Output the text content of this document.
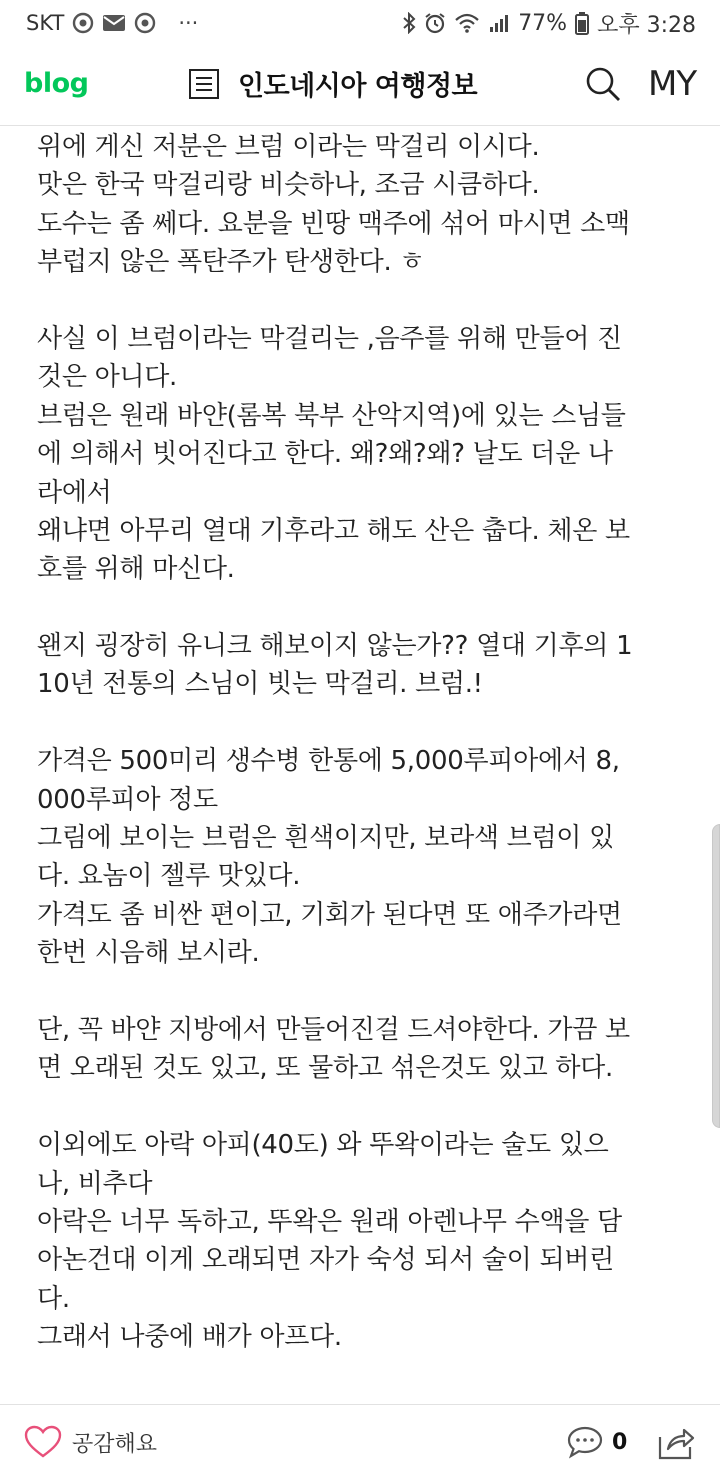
SKT	···	77% 오후 3:28
blog	인도네시아 여행정보	MY

위에 게신 저분은 브럼 이라는 막걸리 이시다.

맛은 한국 막걸리랑 비슷하나, 조금 시큼하다.

도수는 좀 쎄다. 요분을 빈땅 맥주에 섞어 마시면 소맥

부럽지 않은 폭탄주가 탄생한다. ㅎ

사실 이 브럼이라는 막걸리는 ,음주를 위해 만들어 진

것은 아니다.

브럼은 원래 바얀(롬복 북부 산악지역)에 있는 스님들

에 의해서 빗어진다고 한다. 왜?왜?왜? 날도 더운 나

라에서

왜냐면 아무리 열대 기후라고 해도 산은 춥다. 체온 보

호를 위해 마신다.

왠지 굉장히 유니크 해보이지 않는가?? 열대 기후의 1

10년 전통의 스님이 빗는 막걸리. 브럼.!

가격은 500미리 생수병 한통에 5,000루피아에서 8,

000루피아 정도

그림에 보이는 브럼은 흰색이지만, 보라색 브럼이 있

다. 요놈이 젤루 맛있다.

가격도 좀 비싼 편이고, 기회가 된다면 또 애주가라면

한번 시음해 보시라.

단, 꼭 바얀 지방에서 만들어진걸 드셔야한다. 가끔 보

면 오래된 것도 있고, 또 물하고 섞은것도 있고 하다.

이외에도 아락 아피(40도) 와 뚜왁이라는 술도 있으

나, 비추다

아락은 너무 독하고, 뚜왁은 원래 아렌나무 수액을 담

아논건대 이게 오래되면 자가 숙성 되서 술이 되버린

다.

그래서 나중에 배가 아프다.

공감해요	0
